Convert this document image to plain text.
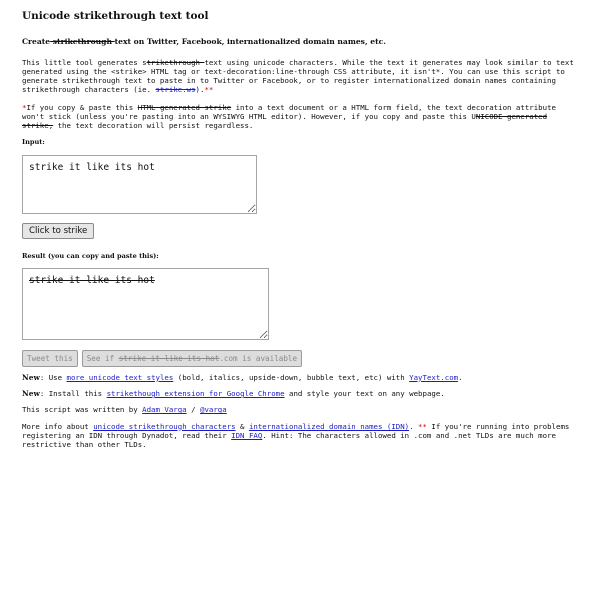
Unicode strikethrough text tool
Create strikethrough text on Twitter, Facebook, internationalized domain names, etc.

This little tool generates strikethrough text using unicode characters. While the text it generates may look similar to text generated using the <strike> HTML tag or text-decoration:line-through CSS attribute, it isn't*. You can use this script to generate strikethrough text to paste in to Twitter or Facebook, or to register internationalized domain names containing strikethrough characters (ie. strike.ws).**

*If you copy & paste this HTML generated strike into a text document or a HTML form field, the text decoration attribute won't stick (unless you're pasting into an WYSIWYG HTML editor). However, if you copy and paste this UNICODE generated strike, the text decoration will persist regardless.

Input:
strike it like its hot Click to strike
Result (you can copy and paste this):
strike it like its hot
Tweet this	See if strike it like its hot.com is available

New: Use more unicode text styles (bold, italics, upside-down, bubble text, etc) with YayText.com.

New: Install this strikethough extension for Google Chrome and style your text on any webpage.

This script was written by Adam Varga / @varga

More info about unicode strikethrough characters & internationalized domain names (IDN). ** If you're running into problems registering an IDN through Dynadot, read their IDN FAQ. Hint: The characters allowed in .com and .net TLDs are much more restrictive than other TLDs.
